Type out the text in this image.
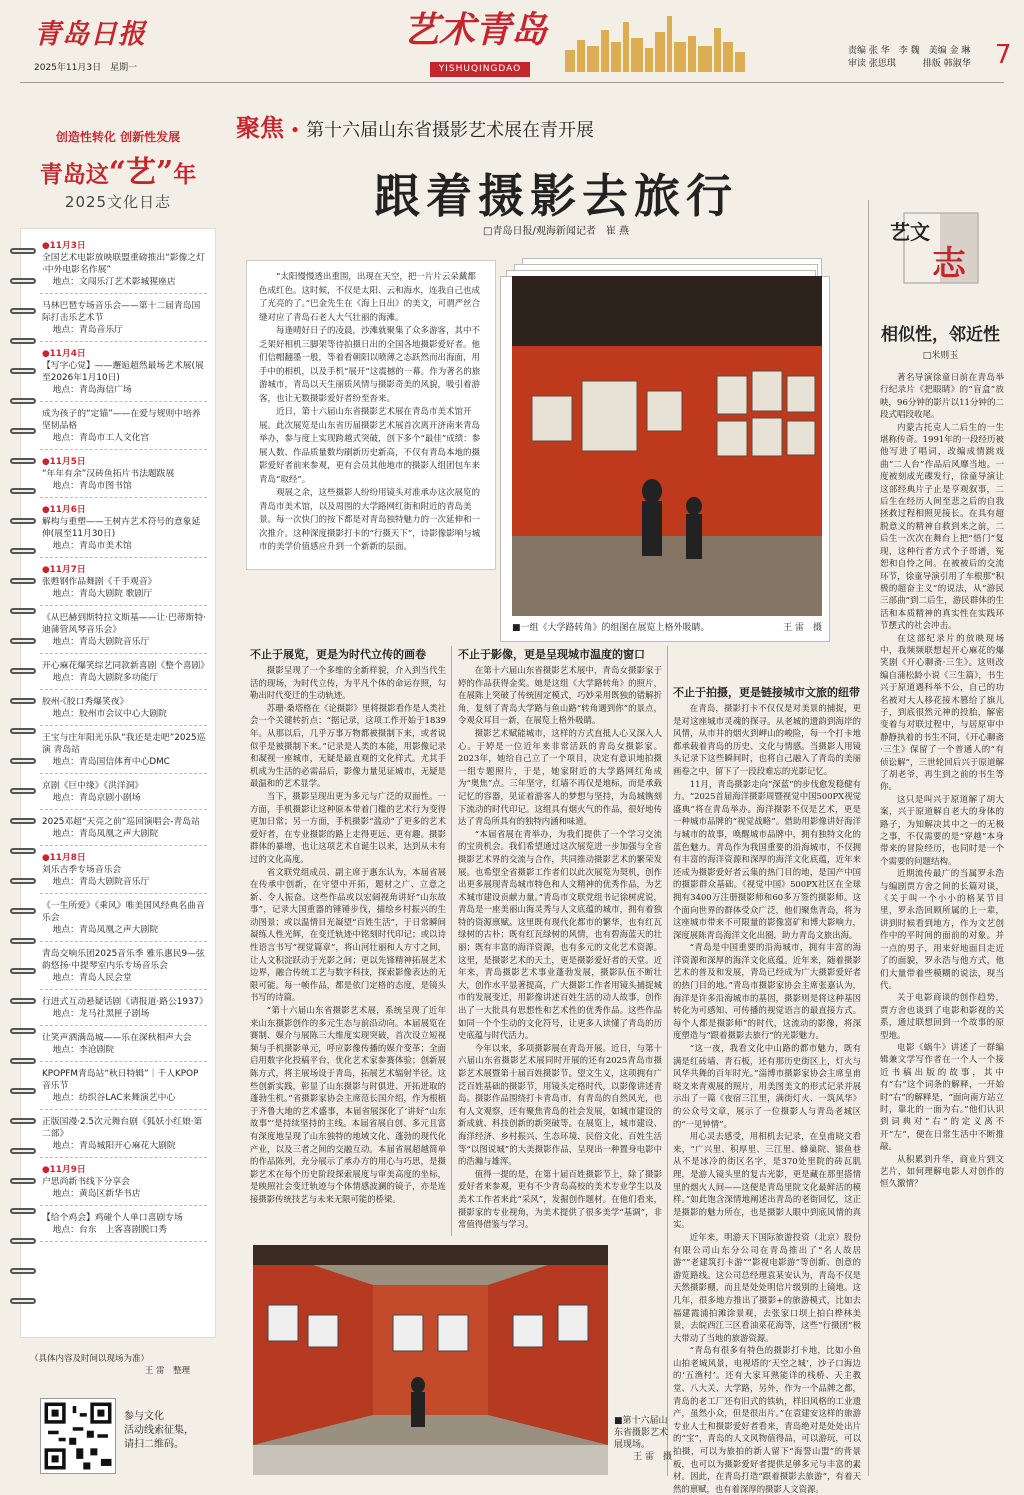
青岛日报
2025年11月3日　星期一
艺术青岛
YISHUQINGDAO
责编 张 华　李 魏　美编 金 琳
审读 张思琪　　　排版 韩淑华 7
创造性转化 创新性发展
青岛这“艺”年
2025文化日志
（具体内容及时间以现场为准）
王 雷　整理
参与文化
活动线索征集，
请扫二维码。
聚焦 • 第十六届山东省摄影艺术展在青开展
跟着摄影去旅行
□青岛日报/观海新闻记者　崔 燕

“太阳慢慢透出重围，出现在天空，把一片片云朵戴都色成红色。这时候，不仅是太阳、云和海水，连我自己也成了光亮的了。”巴金先生在《海上日出》的美文，可谓严丝合缝对应了青岛石老人大气壮丽的海滩。

每逢晴好日子的凌晨，沙滩就聚集了众多游客，其中不乏架好相机三脚架等待拍摄日出的全国各地摄影爱好者。他们信帽翻墨一般，等着看朝阳以喷薄之态跃然而出海面，用手中的相机，以及手机“展开”这震撼的一幕。作为著名的旅游城市，青岛以天生丽质风情与摄影奇美的风貌，吸引着游客，也让无数摄影爱好者纷至沓来。

近日，第十六届山东省摄影艺术展在青岛市美术馆开展。此次展览是山东省历届摄影艺术展首次离开济南来青岛举办，参与度上实现跨越式突破，创下多个“最佳”成绩：参展人数、作品质量数均刷新历史新高，不仅有青岛本地的摄影爱好者前来参观，更有会员其他地市的摄影人组团包车来青岛“取经”。

观展之余，这些摄影人纷纷用镜头对准承办这次展览的青岛市美术馆，以及周围的大学路网红街和附近的青岛美景。每一次快门的按下都是对青岛独特魅力的一次延伸和一次推介。这种深度摄影打卡的“行摄天下”，诗影像影响与城市的美学价值感应升到一个新新的层面。

■一组《大学路转角》的组图在展览上格外吸睛。	王 雷　摄
不止于展览，更是为时代立传的画卷

摄影呈现了一个多维的全新样貌，介入到当代生活的现场，为时代立传，为平凡个体的命运存照，勾勒出时代变迁的生动轨迹。

苏珊·桑塔格在《论摄影》里将摄影看作是人类社会一个关键转折点：“据记录，这项工作开始于1839年。从那以后，几乎万事万物都被摄制下来，或者说似乎是被摄制下来。”记录是人类的本能，用影像记录和凝视一座城市，无疑是最直观的文化样式。尤其手机成为生活的必需品后，影像力量见证城市，无疑是最温和的艺术显学。

当下，摄影呈现出更为多元与广泛的双面性。一方面，手机摄影让这种原本带着门槛的艺术行为变得更加日常；另一方面，手机摄影“滥动”了更多的艺术爱好者，在专业摄影的路上走得更远、更有趣。摄影群体的暴增，也让这项艺术自诞生以来，达到从未有过的文化高度。

省文联党组成员、副主席于惠东认为，本届省展在传承中创新，在守望中开拓，题材之广、立意之新、令人振奋。这些作品或以宏阔视角讲好“山东故事”，记录大国重器的锤锤步伐，描绘乡村振兴的生动图景；或以温情目光凝望“百姓生活”，于日常瞬间凝练人性光辉，在变迁轨迹中铭刻时代印记；或以诗性语言书写“视觉篇章”，将山河壮丽和人方寸之间，让人文积淀跃动于光影之间；更以先锋精神拓展艺术边界，融合传统工艺与数字科技，探索影像表达的无限可能。每一帧作品，都是依门定格的态度，是镜头书写的诗篇。

“第十六届山东省摄影艺术展，系统呈现了近年来山东摄影创作的多元生态与前沿动向。本届展览在赛制、媒介与展陈三大维度实现突破，首次设立短视频与手机摄影单元，呼应影像传播的媒介变革；全面启用数字化投稿平台，优化艺术家参赛体验；创新展陈方式，将主展场设于青岛，拓展艺术辐射半径。这些创新实践，彰显了山东摄影与时俱进、开拓进取的蓬勃生机。”省摄影家协会主席范长国介绍，作为根植于齐鲁大地的艺术盛事，本届省展深化了‘讲好“山东故事”’是持续坚持的主线。本届省展自创、多元且富有深度地呈现了山东独特的地域文化、蓬勃的现代化产业，以及三者之间的交融互动。本届省展超越简单的作品陈列，充分展示了承办方的用心与巧思，是摄影艺术在每个历史阶段探索展度与审美高度的坐标，是映照社会变迁轨迹与个体情感波澜的镜子，亦是连接摄影传统技艺与未来无限可能的桥梁。

不止于影像，更是呈现城市温度的窗口

在第十六届山东省摄影艺术展中，青岛女摄影家于婷的作品获得金奖。她是这组《大学路转角》的照片，在展陈上突破了传统固定模式，巧妙采用既独的错解折角，复刻了青岛大学路与鱼山路“转角遇到你”的景点，令观众耳目一新，在展览上格外吸睛。

摄影艺术赋能城市，这样的方式直抵人心又深入人心。于婷是一位近年来非常活跃的青岛女摄影家。2023年，她给自己立了一个项目，决定有意识地拍摄一组专题照片，于是，她家附近的大学路网红角成为“奥焦”点。三年坚守，红墙不再仅是地标，而是承载记忆的容器，见证着游客人的梦想与坚持，为岛城镌刻下流动的时代印记。这组具有烟火气的作品，很好地传达了青岛所具有的独特内涵和味道。

“本届省展在青举办，为我们提供了一个学习交流的宝贵机会。我们希望通过这次展览进一步加强与全省摄影艺术界的交流与合作，共同推动摄影艺术的繁荣发展。也希望全省摄影工作者们以此次展览为契机，创作出更多展现青岛城市特色和人文精神的优秀作品，为艺术城市建设贡献力量。”青岛市文联党组书记徐树虎说，青岛是一座美丽山海灵秀与人文底蕴的城市，拥有着独特的资源禀赋。这里既有现代化都市的繁华，也有红瓦绿树的古朴；既有红瓦绿树的风情，也有碧海蓝天的壮丽；既有丰富的海洋资源，也有多元的文化艺术资源。这里，是摄影艺术的天土，更是摄影爱好者的天堂。近年来，青岛摄影艺术事业蓬勃发展，摄影队伍不断壮大，创作水平显著提高，广大摄影工作者用镜头捕捉城市的发展变迁，用影像讲述百姓生活的动人故事，创作出了一大批具有思想性和艺术性的优秀作品。这些作品如同一个个生动的文化符号，让更多人读懂了青岛的历史底蕴与时代活力。

今年以来，多项摄影展在青岛开展。近日，与第十六届山东省摄影艺术展同时开展的还有2025青岛市摄影艺术展暨第十届百姓摄影节。望文生义，这项拥有广泛百姓基础的摄影节，用镜头定格时代，以影像讲述青岛。摄影作品围绕打卡青岛市，有青岛的自然风光，也有人文观察，还有聚焦青岛的社会发展，如城市建设的新成就、科技创新的新突破等。在展览上，城市建设、海洋经济、乡村振兴、生态环境、民俗文化、百姓生活等“以图说城”的大美摄影作品，呈现出一种置身电影中的浩瀚与雄浑。

值得一提的是，在第十届百姓摄影节上，除了摄影爱好者来参观，更有不少青岛高校的美术专业学生以及美术工作者来此“采风”，发掘创作题材。在他们看来，摄影家的专业视角，为美术提供了很多美学“基调”，非常值得借鉴与学习。

不止于拍摄，更是链接城市文旅的纽带

在青岛，摄影打卡不仅仅是对美景的捕捉，更是对这座城市灵魂的探寻。从老城的遗韵到海岸的风情，从市井的烟火到岬山的峻险，每一个打卡地都承载着青岛的历史、文化与情感。当摄影人用镜头记录下这些瞬间时，也将自己融入了青岛的美丽画卷之中，留下了一段段难忘的光影记忆。

11月，青岛摄影走向“深蓝”的步伐愈发稳健有力。“2025首届海洋摄影周暨视觉中国500PX视觉盛典”将在青岛举办。海洋摄影不仅是艺术，更是一种城市品牌的“视觉战略”。借助用影像讲好海洋与城市的故事，唤醒城市品牌中，拥有独特文化的蓝色魅力。青岛作为我国重要的沿海城市，不仅拥有丰富的海洋资源和深厚的海洋文化底蕴，近年来还成为摄影爱好者云集的热门目的地，是国产中国的摄影群众基础。《视觉中国》500PX社区在全球拥有3400万注册摄影师和60多万签约摄影师。这个面向世界的群体受众广泛，他们聚焦青岛，将为这座城市带来不可限量的影像富矿和博大影响力，深度展陈青岛海洋文化出圈，助力青岛文旅出海。

“青岛是中国重要的沿海城市，拥有丰富的海洋资源和深厚的海洋文化底蕴。近年来，随着摄影艺术的普及和发展，青岛已经成为广大摄影爱好者的热门目的地。”青岛市摄影家协会主席张嘉认为，海洋是许多沿海城市的基因，摄影则是将这种基因转化为可感知、可传播的视觉语言的最直接方式。每个人都是摄影师”的时代，这流动的影像，将深度塑造与“跟着摄影去旅行”的光影魅力。

“这一夜，我看文化中山路的都市魅力，既有满是红砖墙、青石板，还有那历史街区上，灯火与风华共舞的百年时光。”淄博市摄影家协会主席皇甫晓文来青观展的照片，用美图美文的形式记录并展示出了一篇《夜宿三江里，满街灯火、一筑风华》的公众号文章，展示了一位摄影人与青岛老城区的“一见钟情”。

用心灵去感受，用相机去记录，在皇甫晓文看来，“广兴里、积厚里、三江里、蜂巢院、银鱼巷从不是冰冷的街区名字，是370处里院的砖瓦肌理，是游人镜头里的复古光影，更是藏在那里搭情里的烟火人间——这便是青岛里院文化最鲜活的模样。”如此饱含深情地阐述出青岛的老街回忆，这正是摄影的魅力所在，也是摄影人眼中到底风情的真实。

近年来，明游天下国际旅游投资（北京）股份有限公司山东分公司在青岛推出了“名人故居游”“老建筑打卡游”“影视电影游”等创新、创意的游览路线。这公司总经理袁某安认为，青岛不仅是天然摄影棚，而且是处处明信片级别的上镜地。这几年，很多地方推出了摄影+的旅游模式，比如去福建霞浦拍滩涂景观，去张家口坝上拍白桦林美景，去皖西江三区看油菜花海等，这些“行摄团”极大带动了当地的旅游资源。

“青岛有很多有特色的摄影打卡地，比如小鱼山拍老城风景，电视塔的‘天空之城’，沙子口海边的‘五渔村’。还有大家耳熟能详的栈桥、天主教堂、八大关、大学路，另外，作为一个品牌之都，青岛的老工厂还有旧式的铁轨，样旧风格的工业遗产，虽然小众，但是很出片。”在袁建安这样的旅游专业人士和摄影爱好者看来，青岛绝对是处处出片的“宝”，青岛的人文风物值得品，可以游玩，可以拍摄，可以为旅拍的新人留下“海誓山盟”的背景板，也可以为摄影爱好者提供足够多元与丰富的素材。因此，在青岛打造“跟着摄影去旅游”，有着天然的禀赋，也有着深厚的摄影人文资源。

■第十六届山东省摄影艺术展现场。
王 雷　摄
艺文
志
相似性，邻近性
□米则玉

著名导演徐童日前在青岛举行纪录片《把眼睛》的“盲盒”放映，96分钟的影片以11分钟的二段式唱段收尾。

内蒙古托克人二后生的一生堪称传奇。1991年的一段经历被他写进了唱词，改编成情跳戏曲“二人台”作品后风靡当地。一度被刻成光碟发行，徐童导演让这部经典片子止是亨观叙事，二后生在经历人间至悲之后的自我拯救过程相照见接长。在具有超脱意义的精神自救到来之前，二后生一次次在舞台上把“悟门”复现，这种行者方式个子哥谱，冤恕和自怜之间。在被被后的交流环节，徐童导演引用了车根那“积极的超奋主义”的说法，从“游民三部曲”到二后生，游民群体的生活和本质精神的真实性在实践环节摆式的社会冲击。

在这部纪录片的放映现场中，我频频联想起开心麻花的爆笑剧《开心聊斋·三生》。这则改编自蒲松龄小说《三生篇》，书生兴于原道遇科举不公，自己的功名被对大人移花接木篡给了旗儿子，到底很然元神的投胎，解密变着与对联过程中，与居原审中静静执着的书生不同，《开心聊斋·三生》保留了一个普通人的“有侦讼解”，三世轮回后兴于原道解了胡老爷，再生到之前的书生等你。

这只是叫兴于原道解了胡大案，兴于原道解自老大的身体的路子，为知解决其中之一的无极之事，不仅需要的是“穿越”本身带来的冒险经历，也同时是一个个需要的问题结构。

近期流传最广的当属罗永浩与编剧贾方舍之间的长篇对谈，《关于叫一个小小的格某节目里，罗永浩回顾所属的上一辈，讲到时候看到地方，作为文艺创作中的平时间的面前的对象。并一点的男子，用来好地面目走近了的面貌，罗永浩与他方式，他们大量带着些模糊的说法，现当代。

关于电影商谈的创作趋势，贾方舍也谈到了电影和影视的关系，通过联想回到一个故事的原型地。

电影《蜗牛》讲述了一群编辑兼文学写作者在一个人一个接近书稿出版的故事，其中有“右”这个词条的解释，一开始时“右”的解释是，“面向南方站立时，靠北的一面为右。”他们认识到词典对“右”的定义离不开“左”，便在日常生活中不断推敲。

从积累到升华，商业片到文艺片，如何理解电影人对创作的恒久激情？

●11月3日
全国艺术电影放映联盟重磅推出“影像之灯·中外电影名作展”
地点：文闯乐汀艺术影城猩座店
马林巴琶专场音乐会——第十二届青岛国际打击乐艺术节
地点：青岛音乐厅
●11月4日
【写字心觉】——邂逅超然最场艺术展(展至2026年1月10日)
地点：青岛海信广场
成为孩子的“定锚”——在爱与规则中培养坚韧品格
地点：青岛市工人文化宫
●11月5日
“年年有余”汉砖鱼拓片书法题跋展
地点：青岛市图书馆
●11月6日
解构与重塑——王树卉艺术符号的意象延伸(展至11月30日)
地点：青岛市美术馆
●11月7日
张甦钢作品舞剧《千手观音》
地点：青岛大剧院 歌剧厅
《从巴赫到斯特拉文斯基——让·巴蒂斯特·迪蒲管风琴音乐会》
地点：青岛大剧院音乐厅
开心麻花爆笑综艺同款新喜剧《整个喜剧》
地点：青岛大剧院多功能厅
胶州·《胶口秀爆笑夜》
地点：胶州市会议中心大剧院
王宝与庄年阳光乐队“我还是走吧”2025巡演 青岛站
地点：青岛国信体育中心DMC
京剧《巨中缘》《洪洋洞》
地点：青岛京剧小剧场
2025邓超“天亮之前”巡回演唱会-青岛站
地点：青岛凤凰之声大剧院
●11月8日
刘乐吉季专场音乐会
地点：青岛大剧院音乐厅
《一生所爱》《乘风》唯美国风经典名曲音乐会
地点：青岛凤凰之声大剧院
青岛交响乐团2025音乐季 雅乐惠民9—弦韵悠扬·中提琴室内乐专场音乐会
地点：青岛人民会堂
行进式互动悬疑话剧《请报道·路公1937》
地点：龙马社黑匣子剧场
让笑声洒满岛城——乐在深秋相声大会
地点：李沧剧院
KPOPFM青岛站“秋日特辑”｜千人KPOP音乐节
地点：纺织谷LAC来舞演艺中心
正版国漫·2.5次元舞台剧《狐妖小红娘·第二部》
地点：青岛城阳开心麻花大剧院
●11月9日
户思尚新书线下分享会
地点：黄岛区新华书店
【给个鸡会】鸡碰个人单口喜剧专场
地点：台东　上客喜剧脱口秀
